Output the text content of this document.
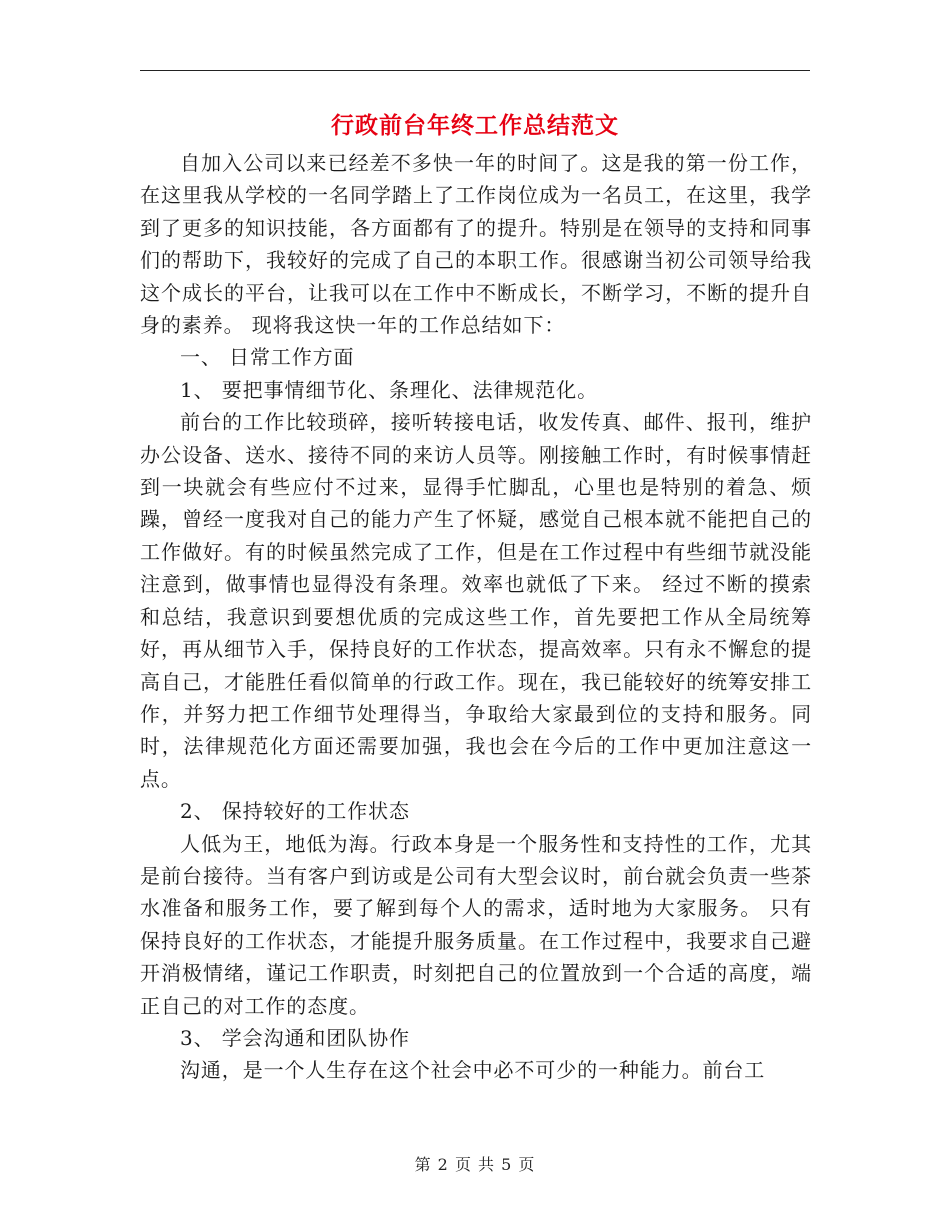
行政前台年终工作总结范文

自加入公司以来已经差不多快一年的时间了。这是我的第一份工作，在这里我从学校的一名同学踏上了工作岗位成为一名员工，在这里，我学到了更多的知识技能，各方面都有了的提升。特别是在领导的支持和同事们的帮助下，我较好的完成了自己的本职工作。很感谢当初公司领导给我这个成长的平台，让我可以在工作中不断成长，不断学习，不断的提升自身的素养。 现将我这快一年的工作总结如下：

一、 日常工作方面

1、 要把事情细节化、条理化、法律规范化。

前台的工作比较琐碎，接听转接电话，收发传真、邮件、报刊，维护办公设备、送水、接待不同的来访人员等。刚接触工作时，有时候事情赶到一块就会有些应付不过来，显得手忙脚乱，心里也是特别的着急、烦躁，曾经一度我对自己的能力产生了怀疑，感觉自己根本就不能把自己的工作做好。有的时候虽然完成了工作，但是在工作过程中有些细节就没能注意到，做事情也显得没有条理。效率也就低了下来。 经过不断的摸索和总结，我意识到要想优质的完成这些工作，首先要把工作从全局统筹好，再从细节入手，保持良好的工作状态，提高效率。只有永不懈怠的提高自己，才能胜任看似简单的行政工作。现在，我已能较好的统筹安排工作，并努力把工作细节处理得当，争取给大家最到位的支持和服务。同时，法律规范化方面还需要加强，我也会在今后的工作中更加注意这一点。

2、 保持较好的工作状态

人低为王，地低为海。行政本身是一个服务性和支持性的工作，尤其是前台接待。当有客户到访或是公司有大型会议时，前台就会负责一些茶水准备和服务工作，要了解到每个人的需求，适时地为大家服务。 只有保持良好的工作状态，才能提升服务质量。在工作过程中，我要求自己避开消极情绪，谨记工作职责，时刻把自己的位置放到一个合适的高度，端正自己的对工作的态度。

3、 学会沟通和团队协作

沟通，是一个人生存在这个社会中必不可少的一种能力。前台工

第 2 页 共 5 页
